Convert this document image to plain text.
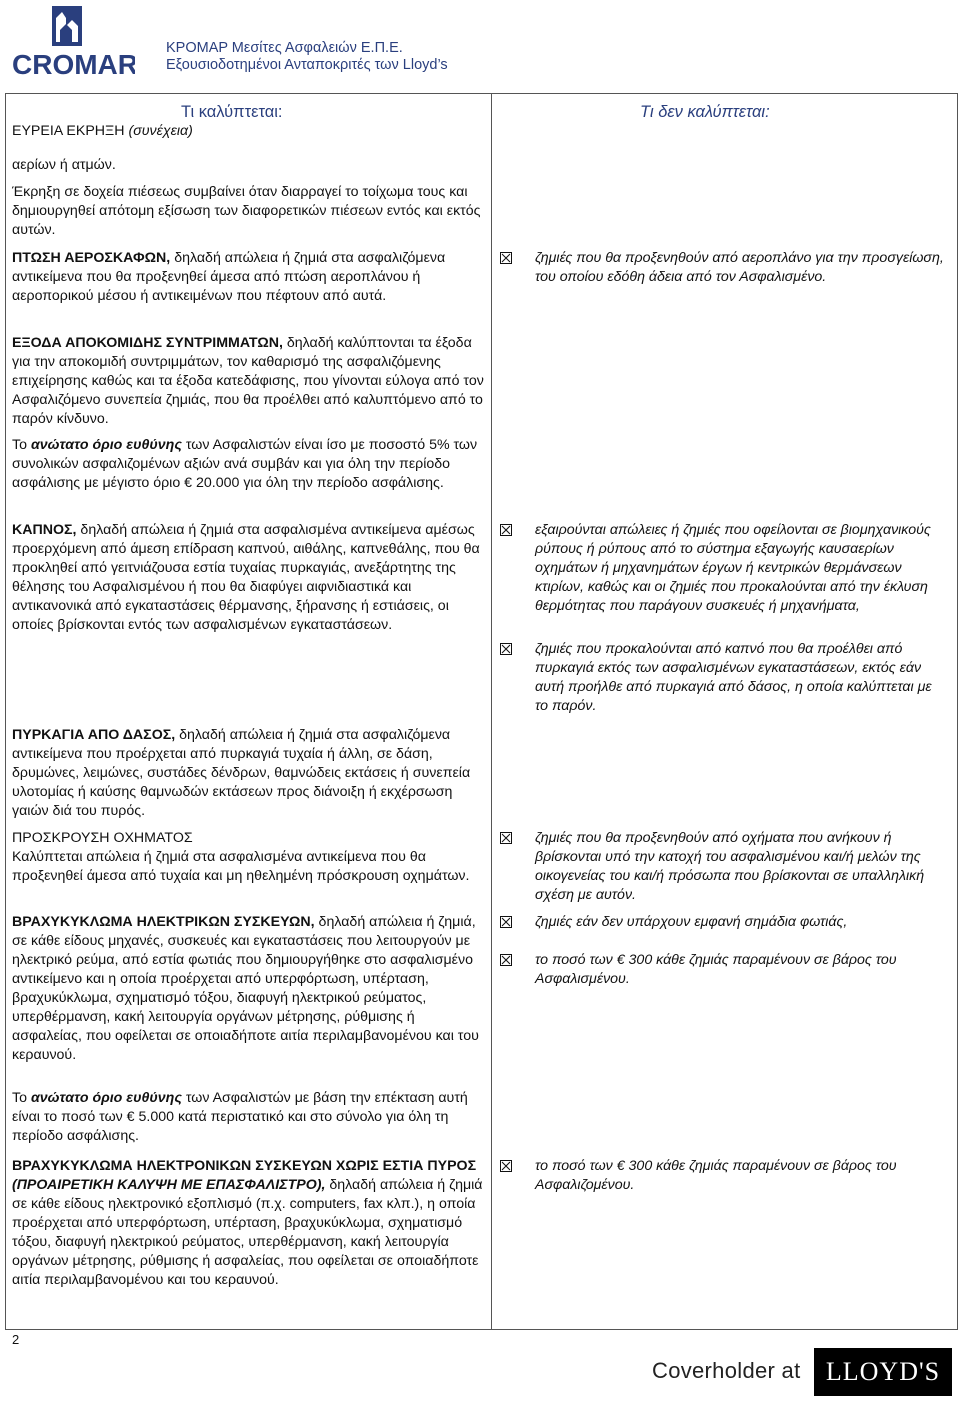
CROMAR
ΚΡΟΜΑΡ Μεσίτες Ασφαλειών Ε.Π.Ε.
Εξουσιοδοτημένοι Ανταποκριτές των Lloyd’s
Τι καλύπτεται:	Τι δεν καλύπτεται:

ΕΥΡΕΙΑ ΕΚΡΗΞΗ (συνέχεια)

αερίων ή ατμών.

Έκρηξη σε δοχεία πιέσεως συμβαίνει όταν διαρραγεί το τοίχωμα τους και δημιουργηθεί απότομη εξίσωση των διαφορετικών πιέσεων εντός και εκτός αυτών.

ΠΤΩΣΗ ΑΕΡΟΣΚΑΦΩΝ, δηλαδή απώλεια ή ζημιά στα ασφαλιζόμενα αντικείμενα που θα προξενηθεί άμεσα από πτώση αεροπλάνου ή αεροπορικού μέσου ή αντικειμένων που πέφτουν από αυτά.

ΕΞΟΔΑ ΑΠΟΚΟΜΙΔΗΣ ΣΥΝΤΡΙΜΜΑΤΩΝ, δηλαδή καλύπτονται τα έξοδα για την αποκομιδή συντριμμάτων, τον καθαρισμό της ασφαλιζόμενης επιχείρησης καθώς και τα έξοδα κατεδάφισης, που γίνονται εύλογα από τον Ασφαλιζόμενο συνεπεία ζημιάς, που θα προέλθει από καλυπτόμενο από το παρόν κίνδυνο.

Το ανώτατο όριο ευθύνης των Ασφαλιστών είναι ίσο με ποσοστό 5% των συνολικών ασφαλιζομένων αξιών ανά συμβάν και για όλη την περίοδο ασφάλισης με μέγιστο όριο € 20.000 για όλη την περίοδο ασφάλισης.

ΚΑΠΝΟΣ, δηλαδή απώλεια ή ζημιά στα ασφαλισμένα αντικείμενα αμέσως προερχόμενη από άμεση επίδραση καπνού, αιθάλης, καπνεθάλης, που θα προκληθεί από γειτνιάζουσα εστία τυχαίας πυρκαγιάς, ανεξάρτητης της θέλησης του Ασφαλισμένου ή που θα διαφύγει αιφνιδιαστικά και αντικανονικά από εγκαταστάσεις θέρμανσης, ξήρανσης ή εστιάσεις, οι οποίες βρίσκονται εντός των ασφαλισμένων εγκαταστάσεων.

ΠΥΡΚΑΓΙΑ ΑΠΟ ΔΑΣΟΣ, δηλαδή απώλεια ή ζημιά στα ασφαλιζόμενα αντικείμενα που προέρχεται από πυρκαγιά τυχαία ή άλλη, σε δάση, δρυμώνες, λειμώνες, συστάδες δένδρων, θαμνώδεις εκτάσεις ή συνεπεία υλοτομίας ή καύσης θαμνωδών εκτάσεων προς διάνοιξη ή εκχέρσωση γαιών διά του πυρός.

ΠΡΟΣΚΡΟΥΣΗ ΟΧΗΜΑΤΟΣ
Καλύπτεται απώλεια ή ζημιά στα ασφαλισμένα αντικείμενα που θα προξενηθεί άμεσα από τυχαία και μη ηθελημένη πρόσκρουση οχημάτων.

ΒΡΑΧΥΚΥΚΛΩΜΑ ΗΛΕΚΤΡΙΚΩΝ ΣΥΣΚΕΥΩΝ, δηλαδή απώλεια ή ζημιά, σε κάθε είδους μηχανές, συσκευές και εγκαταστάσεις που λειτουργούν με ηλεκτρικό ρεύμα, από εστία φωτιάς που δημιουργήθηκε στο ασφαλισμένο αντικείμενο και η οποία προέρχεται από υπερφόρτωση, υπέρταση, βραχυκύκλωμα, σχηματισμό τόξου, διαφυγή ηλεκτρικού ρεύματος, υπερθέρμανση, κακή λειτουργία οργάνων μέτρησης, ρύθμισης ή ασφαλείας, που οφείλεται σε οποιαδήποτε αιτία περιλαμβανομένου και του κεραυνού.

Το ανώτατο όριο ευθύνης των Ασφαλιστών με βάση την επέκταση αυτή είναι το ποσό των € 5.000 κατά περιστατικό και στο σύνολο για όλη τη περίοδο ασφάλισης.

ΒΡΑΧΥΚΥΚΛΩΜΑ ΗΛΕΚΤΡΟΝΙΚΩΝ ΣΥΣΚΕΥΩΝ ΧΩΡΙΣ ΕΣΤΙΑ ΠΥΡΟΣ (ΠΡΟΑΙΡΕΤΙΚΗ ΚΑΛΥΨΗ ΜΕ ΕΠΑΣΦΑΛΙΣΤΡΟ), δηλαδή απώλεια ή ζημιά σε κάθε είδους ηλεκτρονικό εξοπλισμό (π.χ. computers, fax κλπ.), η οποία προέρχεται από υπερφόρτωση, υπέρταση, βραχυκύκλωμα, σχηματισμό τόξου, διαφυγή ηλεκτρικού ρεύματος, υπερθέρμανση, κακή λειτουργία οργάνων μέτρησης, ρύθμισης ή ασφαλείας, που οφείλεται σε οποιαδήποτε αιτία περιλαμβανομένου και του κεραυνού.

ζημιές που θα προξενηθούν από αεροπλάνο για την προσγείωση, του οποίου εδόθη άδεια από τον Ασφαλισμένο.

εξαιρούνται απώλειες ή ζημιές που οφείλονται σε βιομηχανικούς ρύπους ή ρύπους από το σύστημα εξαγωγής καυσαερίων οχημάτων ή μηχανημάτων έργων ή κεντρικών θερμάνσεων κτιρίων, καθώς και οι ζημιές που προκαλούνται από την έκλυση θερμότητας που παράγουν συσκευές ή μηχανήματα,

ζημιές που προκαλούνται από καπνό που θα προέλθει από πυρκαγιά εκτός των ασφαλισμένων εγκαταστάσεων, εκτός εάν αυτή προήλθε από πυρκαγιά από δάσος, η οποία καλύπτεται με το παρόν.

ζημιές που θα προξενηθούν από οχήματα που ανήκουν ή βρίσκονται υπό την κατοχή του ασφαλισμένου και/ή μελών της οικογενείας του και/ή πρόσωπα που βρίσκονται σε υπαλληλική σχέση με αυτόν.

ζημιές εάν δεν υπάρχουν εμφανή σημάδια φωτιάς,

το ποσό των € 300 κάθε ζημιάς παραμένουν σε βάρος του Ασφαλισμένου.

το ποσό των € 300 κάθε ζημιάς παραμένουν σε βάρος του Ασφαλιζομένου.

2
Coverholder at LLOYD'S
